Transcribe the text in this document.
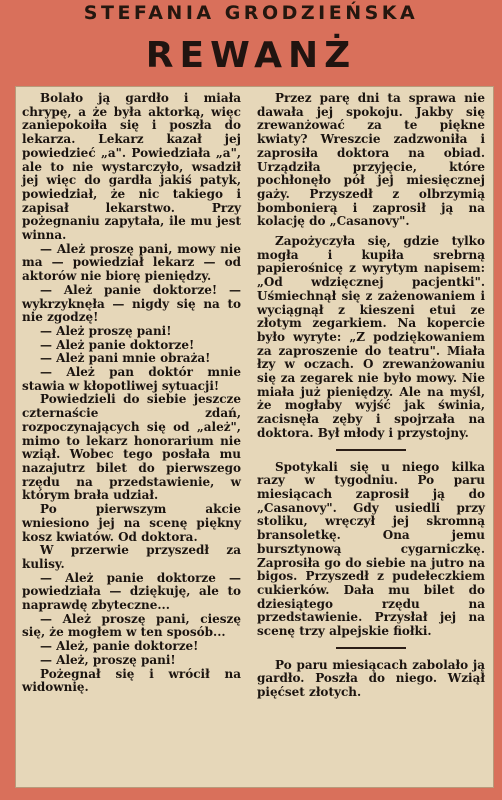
STEFANIA GRODZIEŃSKA
REWANŻ

Bolało ją gardło i miała chrypę, a że była aktorką, więc zaniepokoiła się i poszła do lekarza. Lekarz kazał jej powiedzieć „a". Powiedziała „a", ale to nie wystarczyło, wsadził jej więc do gardła jakiś patyk, powiedział, że nic takiego i zapisał lekarstwo. Przy pożegnaniu zapytała, ile mu jest winna.

— Ależ proszę pani, mowy nie ma — powiedział lekarz — od aktorów nie biorę pieniędzy.

— Ależ panie doktorze! — wykrzyknęła — nigdy się na to nie zgodzę!

— Ależ proszę pani!

— Ależ panie doktorze!

— Ależ pani mnie obraża!

— Ależ pan doktór mnie stawia w kłopotliwej sytuacji!

Powiedzieli do siebie jeszcze czternaście zdań, rozpoczynających się od „ależ", mimo to lekarz honorarium nie wziął. Wobec tego posłała mu nazajutrz bilet do pierwszego rzędu na przedstawienie, w którym brała udział.

Po pierwszym akcie wniesiono jej na scenę piękny kosz kwiatów. Od doktora.

W przerwie przyszedł za kulisy.

— Ależ panie doktorze — powiedziała — dziękuję, ale to naprawdę zbyteczne...

— Ależ proszę pani, cieszę się, że mogłem w ten sposób...

— Ależ, panie doktorze!

— Ależ, proszę pani!

Pożegnał się i wrócił na widownię.

Przez parę dni ta sprawa nie dawała jej spokoju. Jakby się zrewanżować za te piękne kwiaty? Wreszcie zadzwoniła i zaprosiła doktora na obiad. Urządziła przyjęcie, które pochłonęło pół jej miesięcznej gaży. Przyszedł z olbrzymią bombonierą i zaprosił ją na kolację do „Casanovy".

Zapożyczyła się, gdzie tylko mogła i kupiła srebrną papierośnicę z wyrytym napisem: „Od wdzięcznej pacjentki". Uśmiechnął się z zażenowaniem i wyciągnął z kieszeni etui ze złotym zegarkiem. Na kopercie było wyryte: „Z podziękowaniem za zaproszenie do teatru". Miała łzy w oczach. O zrewanżowaniu się za zegarek nie było mowy. Nie miała już pieniędzy. Ale na myśl, że mogłaby wyjść jak świnia, zacisnęła zęby i spojrzała na doktora. Był młody i przystojny.

Spotykali się u niego kilka razy w tygodniu. Po paru miesiącach zaprosił ją do „Casanovy". Gdy usiedli przy stoliku, wręczył jej skromną bransoletkę. Ona jemu bursztynową cygarniczkę. Zaprosiła go do siebie na jutro na bigos. Przyszedł z pudełeczkiem cukierków. Dała mu bilet do dziesiątego rzędu na przedstawienie. Przysłał jej na scenę trzy alpejskie fiołki.

Po paru miesiącach zabolało ją gardło. Poszła do niego. Wziął pięćset złotych.
